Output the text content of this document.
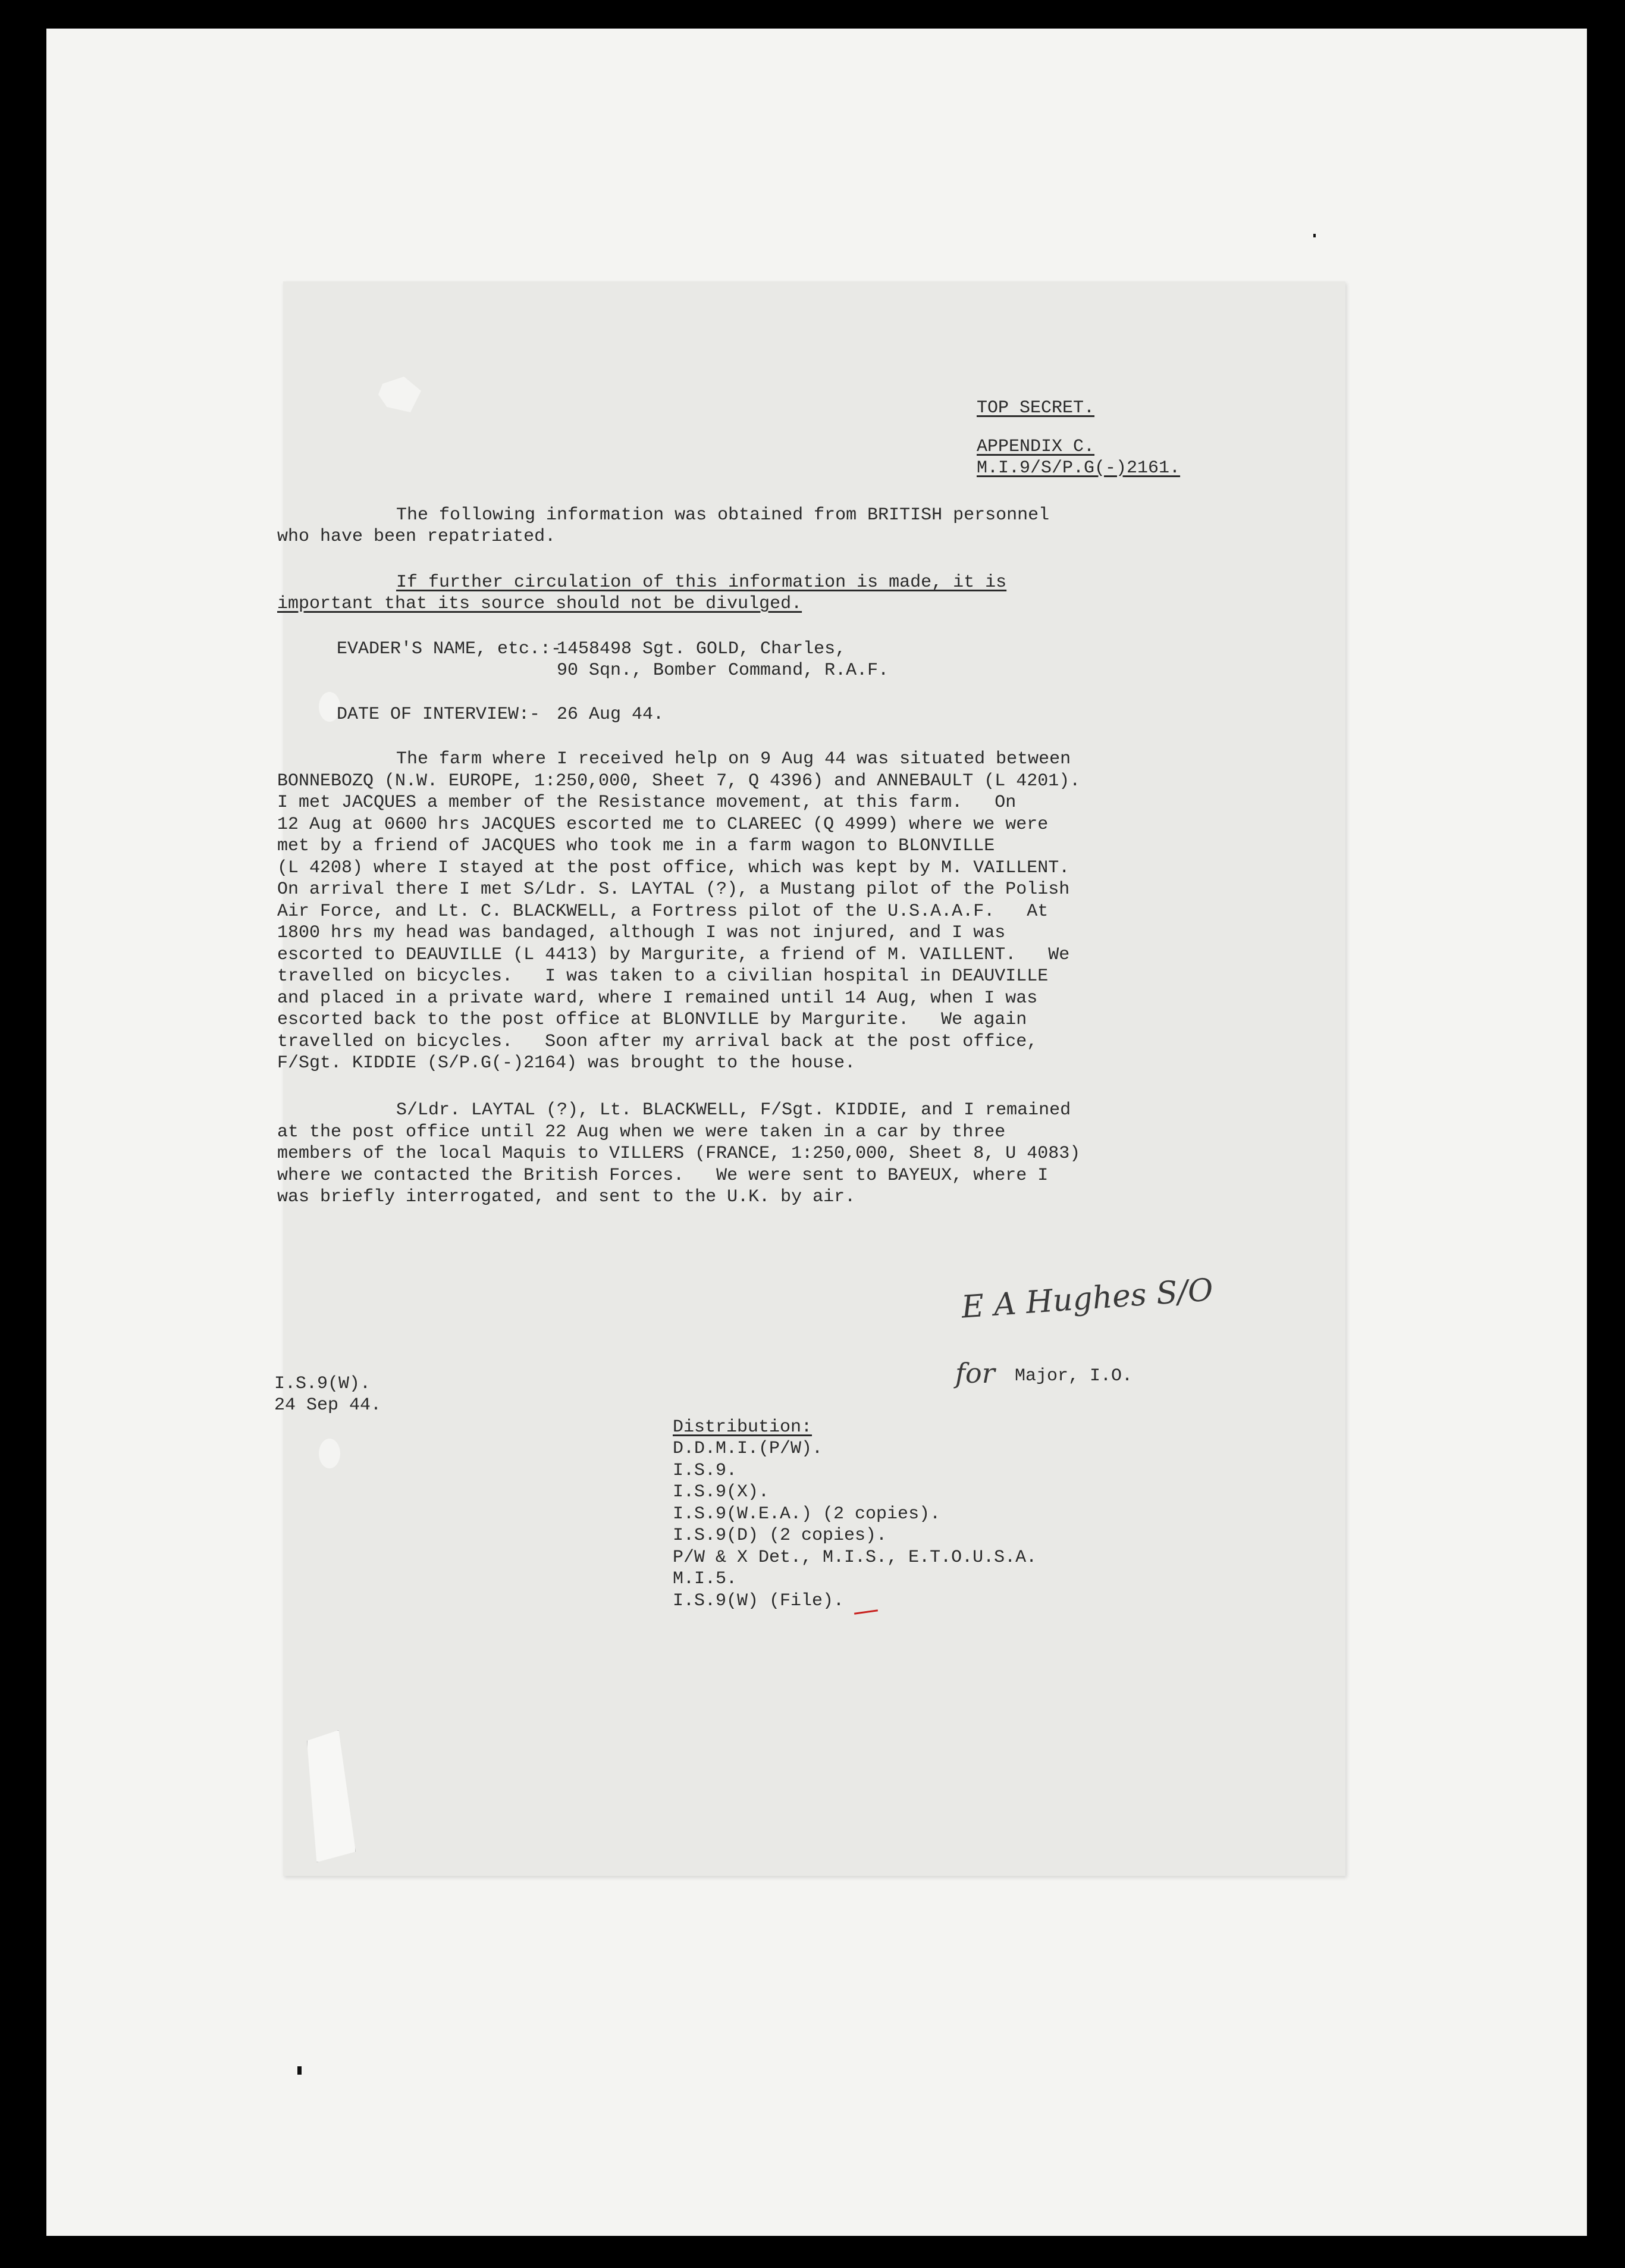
TOP SECRET.
APPENDIX C.
M.I.9/S/P.G(-)2161.
The following information was obtained from BRITISH personnel
who have been repatriated.
If further circulation of this information is made, it is
important that its source should not be divulged.
EVADER'S NAME, etc.:-
1458498 Sgt. GOLD, Charles,
90 Sqn., Bomber Command, R.A.F.
DATE OF INTERVIEW:- 26 Aug 44.
The farm where I received help on 9 Aug 44 was situated between
BONNEBOZQ (N.W. EUROPE, 1:250,000, Sheet 7, Q 4396) and ANNEBAULT (L 4201).
I met JACQUES a member of the Resistance movement, at this farm.   On
12 Aug at 0600 hrs JACQUES escorted me to CLAREEC (Q 4999) where we were
met by a friend of JACQUES who took me in a farm wagon to BLONVILLE
(L 4208) where I stayed at the post office, which was kept by M. VAILLENT.
On arrival there I met S/Ldr. S. LAYTAL (?), a Mustang pilot of the Polish
Air Force, and Lt. C. BLACKWELL, a Fortress pilot of the U.S.A.A.F.   At
1800 hrs my head was bandaged, although I was not injured, and I was
escorted to DEAUVILLE (L 4413) by Margurite, a friend of M. VAILLENT.   We
travelled on bicycles.   I was taken to a civilian hospital in DEAUVILLE
and placed in a private ward, where I remained until 14 Aug, when I was
escorted back to the post office at BLONVILLE by Margurite.   We again
travelled on bicycles.   Soon after my arrival back at the post office,
F/Sgt. KIDDIE (S/P.G(-)2164) was brought to the house.
S/Ldr. LAYTAL (?), Lt. BLACKWELL, F/Sgt. KIDDIE, and I remained
at the post office until 22 Aug when we were taken in a car by three
members of the local Maquis to VILLERS (FRANCE, 1:250,000, Sheet 8, U 4083)
where we contacted the British Forces.   We were sent to BAYEUX, where I
was briefly interrogated, and sent to the U.K. by air.
E A Hughes S/O
for Major, I.O.
I.S.9(W).
24 Sep 44.
Distribution:
D.D.M.I.(P/W).
I.S.9.
I.S.9(X).
I.S.9(W.E.A.) (2 copies).
I.S.9(D) (2 copies).
P/W & X Det., M.I.S., E.T.O.U.S.A.
M.I.5.
I.S.9(W) (File).
